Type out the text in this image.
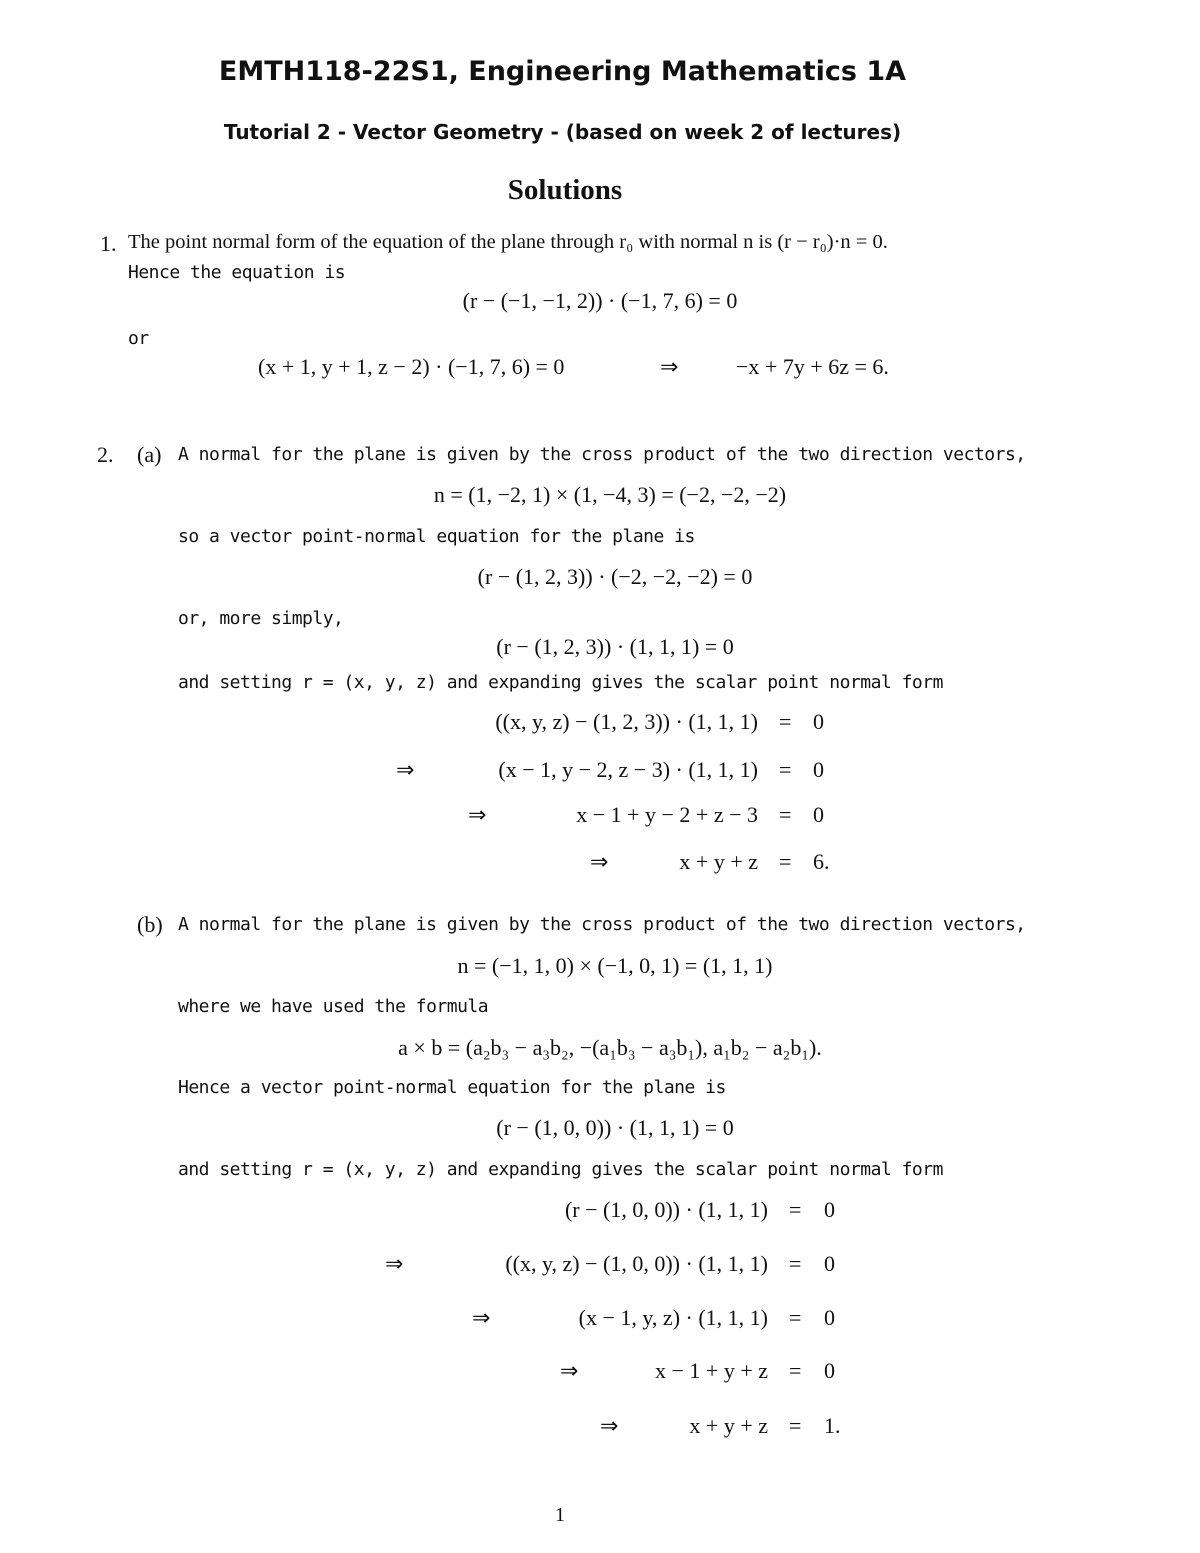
EMTH118-22S1, Engineering Mathematics 1A
Tutorial 2 - Vector Geometry - (based on week 2 of lectures)
Solutions
1. The point normal form of the equation of the plane through r₀ with normal n is (r − r₀)·n = 0.
Hence the equation is
(r − (−1, −1, 2)) · (−1, 7, 6) = 0
or
(x + 1, y + 1, z − 2) · (−1, 7, 6) = 0	⇒	−x + 7y + 6z = 6.
2. (a) A normal for the plane is given by the cross product of the two direction vectors,
n = (1, −2, 1) × (1, −4, 3) = (−2, −2, −2)
so a vector point-normal equation for the plane is
(r − (1, 2, 3)) · (−2, −2, −2) = 0
or, more simply,
(r − (1, 2, 3)) · (1, 1, 1) = 0
and setting r = (x, y, z) and expanding gives the scalar point normal form
((x, y, z) − (1, 2, 3)) · (1, 1, 1) = 0
⇒	(x − 1, y − 2, z − 3) · (1, 1, 1) = 0
⇒	x − 1 + y − 2 + z − 3 = 0
⇒	x + y + z = 6.
(b) A normal for the plane is given by the cross product of the two direction vectors,
n = (−1, 1, 0) × (−1, 0, 1) = (1, 1, 1)
where we have used the formula
a × b = (a₂b₃ − a₃b₂, −(a₁b₃ − a₃b₁), a₁b₂ − a₂b₁).
Hence a vector point-normal equation for the plane is
(r − (1, 0, 0)) · (1, 1, 1) = 0
and setting r = (x, y, z) and expanding gives the scalar point normal form
(r − (1, 0, 0)) · (1, 1, 1) = 0
⇒	((x, y, z) − (1, 0, 0)) · (1, 1, 1) = 0
⇒	(x − 1, y, z) · (1, 1, 1) = 0
⇒	x − 1 + y + z = 0
⇒	x + y + z = 1.
1
